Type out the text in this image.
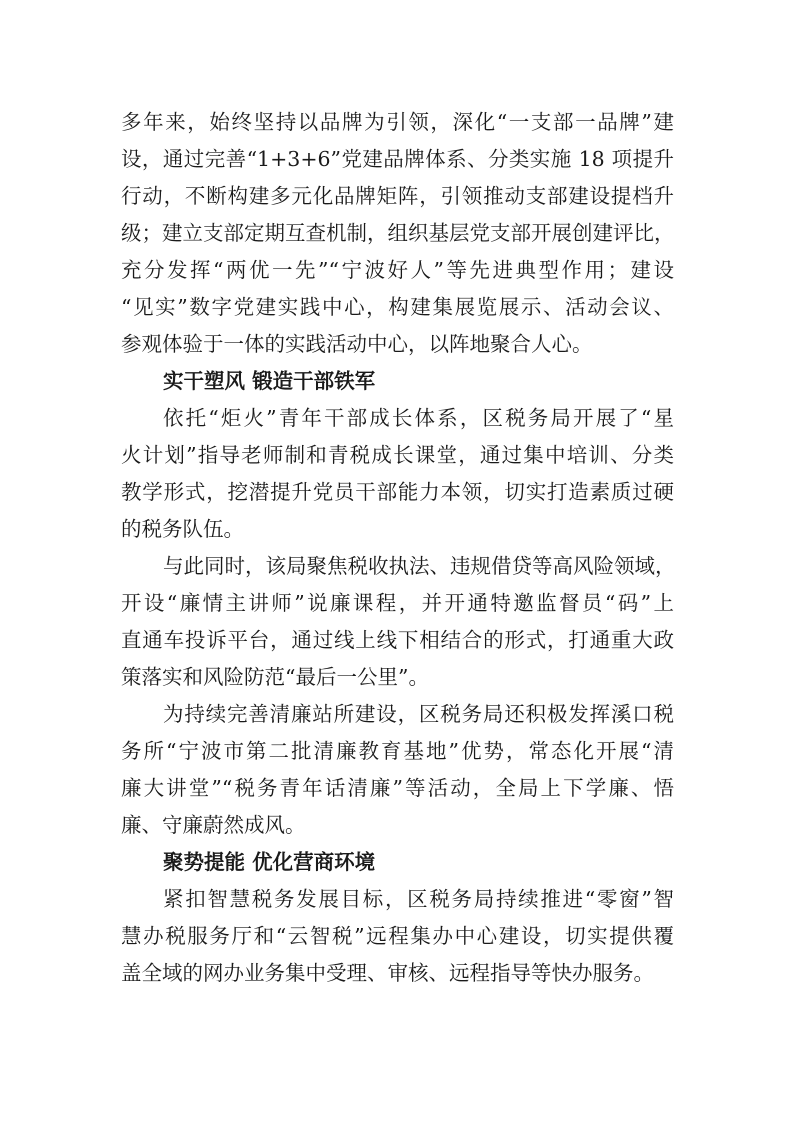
多年来，始终坚持以品牌为引领，深化“一支部一品牌”建
设，通过完善“1+3+6”党建品牌体系、分类实施 18 项提升
行动，不断构建多元化品牌矩阵，引领推动支部建设提档升
级；建立支部定期互查机制，组织基层党支部开展创建评比，
充分发挥“两优一先”“宁波好人”等先进典型作用；建设
“见实”数字党建实践中心，构建集展览展示、活动会议、
参观体验于一体的实践活动中心，以阵地聚合人心。
实干塑风 锻造干部铁军
依托“炬火”青年干部成长体系，区税务局开展了“星
火计划”指导老师制和青税成长课堂，通过集中培训、分类
教学形式，挖潜提升党员干部能力本领，切实打造素质过硬
的税务队伍。
与此同时，该局聚焦税收执法、违规借贷等高风险领域，
开设“廉情主讲师”说廉课程，并开通特邀监督员“码”上
直通车投诉平台，通过线上线下相结合的形式，打通重大政
策落实和风险防范“最后一公里”。
为持续完善清廉站所建设，区税务局还积极发挥溪口税
务所“宁波市第二批清廉教育基地”优势，常态化开展“清
廉大讲堂”“税务青年话清廉”等活动，全局上下学廉、悟
廉、守廉蔚然成风。
聚势提能 优化营商环境
紧扣智慧税务发展目标，区税务局持续推进“零窗”智
慧办税服务厅和“云智税”远程集办中心建设，切实提供覆
盖全域的网办业务集中受理、审核、远程指导等快办服务。
